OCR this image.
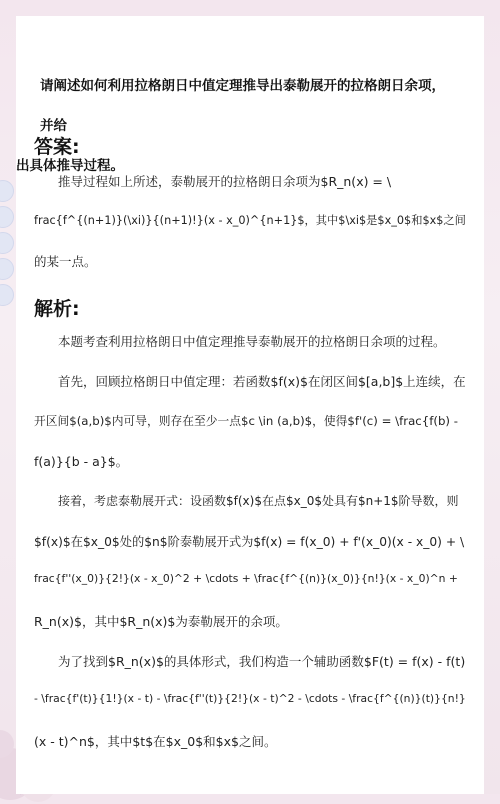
请阐述如何利用拉格朗日中值定理推导出泰勒展开的拉格朗日余项，并给
出具体推导过程。
答案:
推导过程如上所述，泰勒展开的拉格朗日余项为$R_n(x) = \
frac{f^{(n+1)}(\xi)}{(n+1)!}(x - x_0)^{n+1}$，其中$\xi$是$x_0$和$x$之间
的某一点。
解析:
本题考查利用拉格朗日中值定理推导泰勒展开的拉格朗日余项的过程。
首先，回顾拉格朗日中值定理：若函数$f(x)$在闭区间$[a,b]$上连续，在
开区间$(a,b)$内可导，则存在至少一点$c \in (a,b)$，使得$f'(c) = \frac{f(b) -
f(a)}{b - a}$。
接着，考虑泰勒展开式：设函数$f(x)$在点$x_0$处具有$n+1$阶导数，则
$f(x)$在$x_0$处的$n$阶泰勒展开式为$f(x) = f(x_0) + f'(x_0)(x - x_0) + \
frac{f''(x_0)}{2!}(x - x_0)^2 + \cdots + \frac{f^{(n)}(x_0)}{n!}(x - x_0)^n +
R_n(x)$，其中$R_n(x)$为泰勒展开的余项。
为了找到$R_n(x)$的具体形式，我们构造一个辅助函数$F(t) = f(x) - f(t)
- \frac{f'(t)}{1!}(x - t) - \frac{f''(t)}{2!}(x - t)^2 - \cdots - \frac{f^{(n)}(t)}{n!}
(x - t)^n$，其中$t$在$x_0$和$x$之间。
